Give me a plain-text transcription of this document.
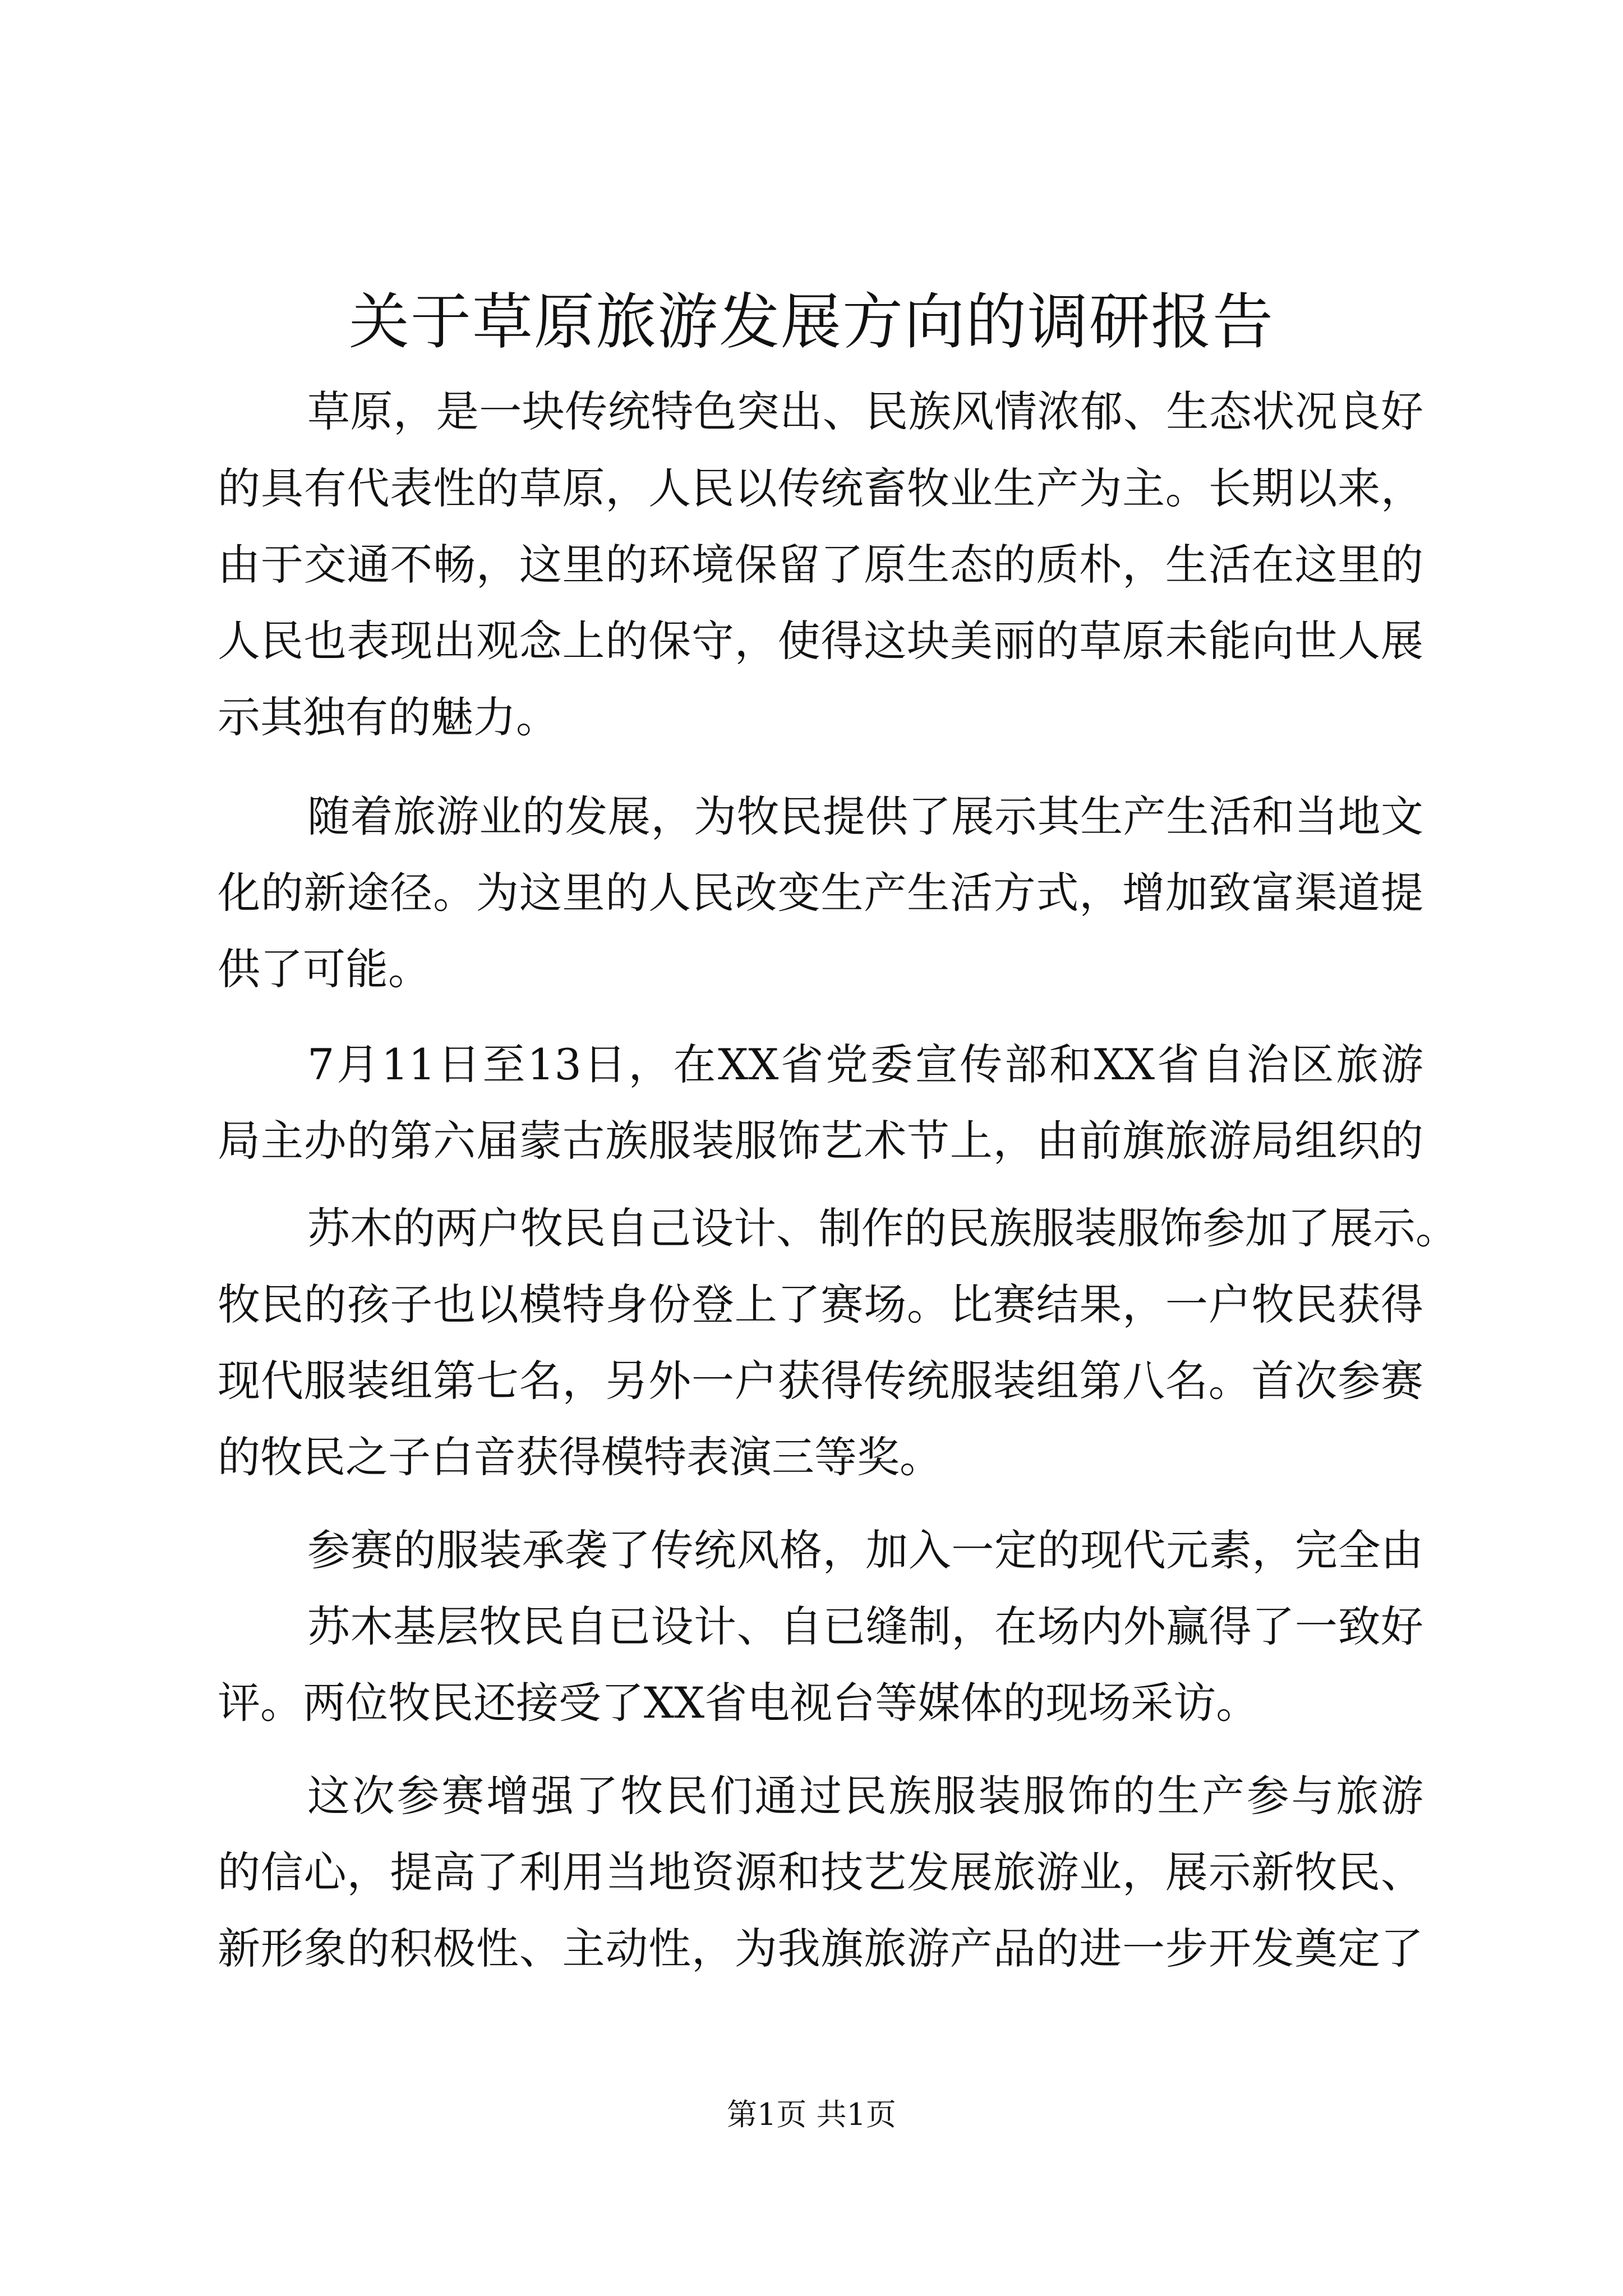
关于草原旅游发展方向的调研报告
草原，是一块传统特色突出、民族风情浓郁、生态状况良好
的具有代表性的草原，人民以传统畜牧业生产为主。长期以来，
由于交通不畅，这里的环境保留了原生态的质朴，生活在这里的
人民也表现出观念上的保守，使得这块美丽的草原未能向世人展
示其独有的魅力。
随着旅游业的发展，为牧民提供了展示其生产生活和当地文
化的新途径。为这里的人民改变生产生活方式，增加致富渠道提
供了可能。
7月11日至13日，在XX省党委宣传部和XX省自治区旅游
局主办的第六届蒙古族服装服饰艺术节上，由前旗旅游局组织的
苏木的两户牧民自己设计、制作的民族服装服饰参加了展示。
牧民的孩子也以模特身份登上了赛场。比赛结果，一户牧民获得
现代服装组第七名，另外一户获得传统服装组第八名。首次参赛
的牧民之子白音获得模特表演三等奖。
参赛的服装承袭了传统风格，加入一定的现代元素，完全由
苏木基层牧民自已设计、自已缝制，在场内外赢得了一致好
评。两位牧民还接受了XX省电视台等媒体的现场采访。
这次参赛增强了牧民们通过民族服装服饰的生产参与旅游
的信心，提高了利用当地资源和技艺发展旅游业，展示新牧民、
新形象的积极性、主动性，为我旗旅游产品的进一步开发奠定了
第1页 共1页
